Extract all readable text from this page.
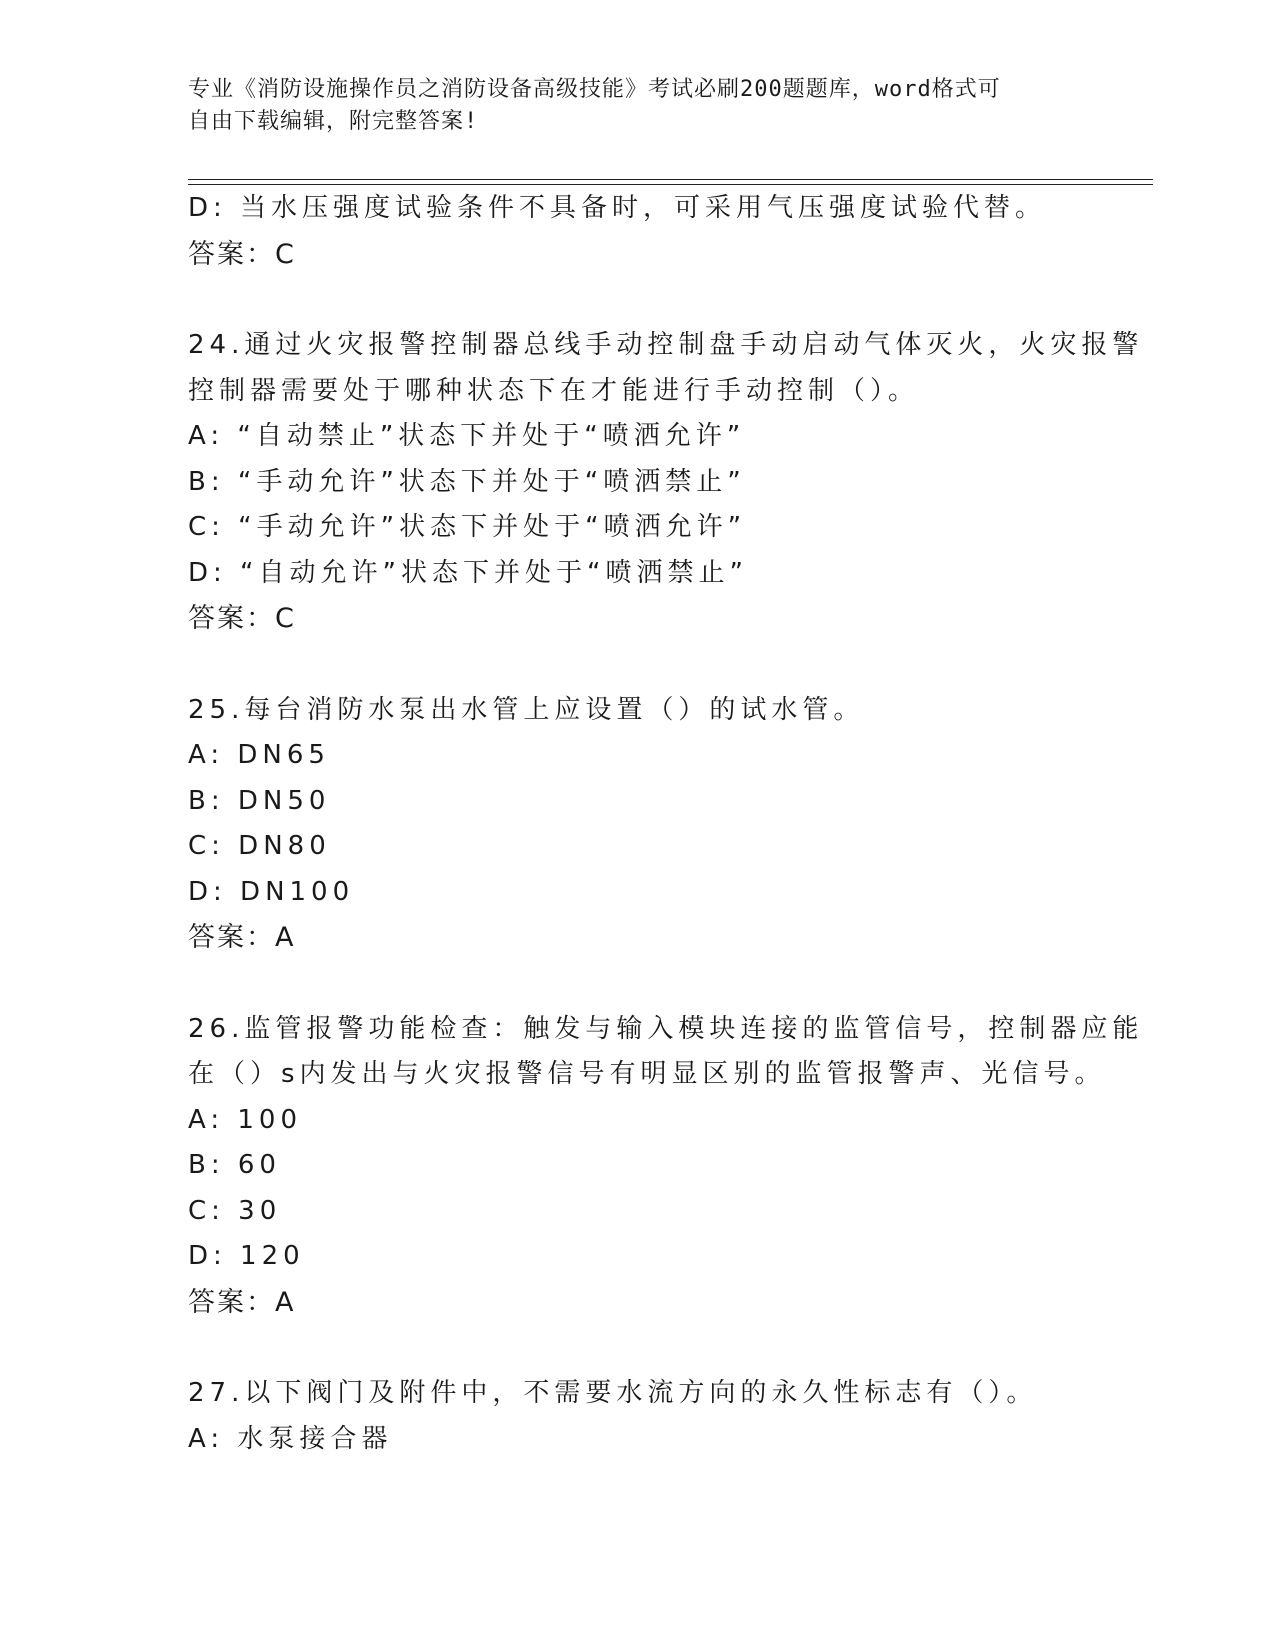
专业《消防设施操作员之消防设备高级技能》考试必刷200题题库，word格式可
自由下载编辑，附完整答案!
D: 当水压强度试验条件不具备时，可采用气压强度试验代替。
答案：C
24.通过火灾报警控制器总线手动控制盘手动启动气体灭火，火灾报警
控制器需要处于哪种状态下在才能进行手动控制（）。
A: “自动禁止”状态下并处于“喷洒允许”
B: “手动允许”状态下并处于“喷洒禁止”
C: “手动允许”状态下并处于“喷洒允许”
D: “自动允许”状态下并处于“喷洒禁止”
答案：C
25.每台消防水泵出水管上应设置（）的试水管。
A: DN65
B: DN50
C: DN80
D: DN100
答案：A
26.监管报警功能检查：触发与输入模块连接的监管信号，控制器应能
在（）s内发出与火灾报警信号有明显区别的监管报警声、光信号。
A: 100
B: 60
C: 30
D: 120
答案：A
27.以下阀门及附件中，不需要水流方向的永久性标志有（）。
A: 水泵接合器
